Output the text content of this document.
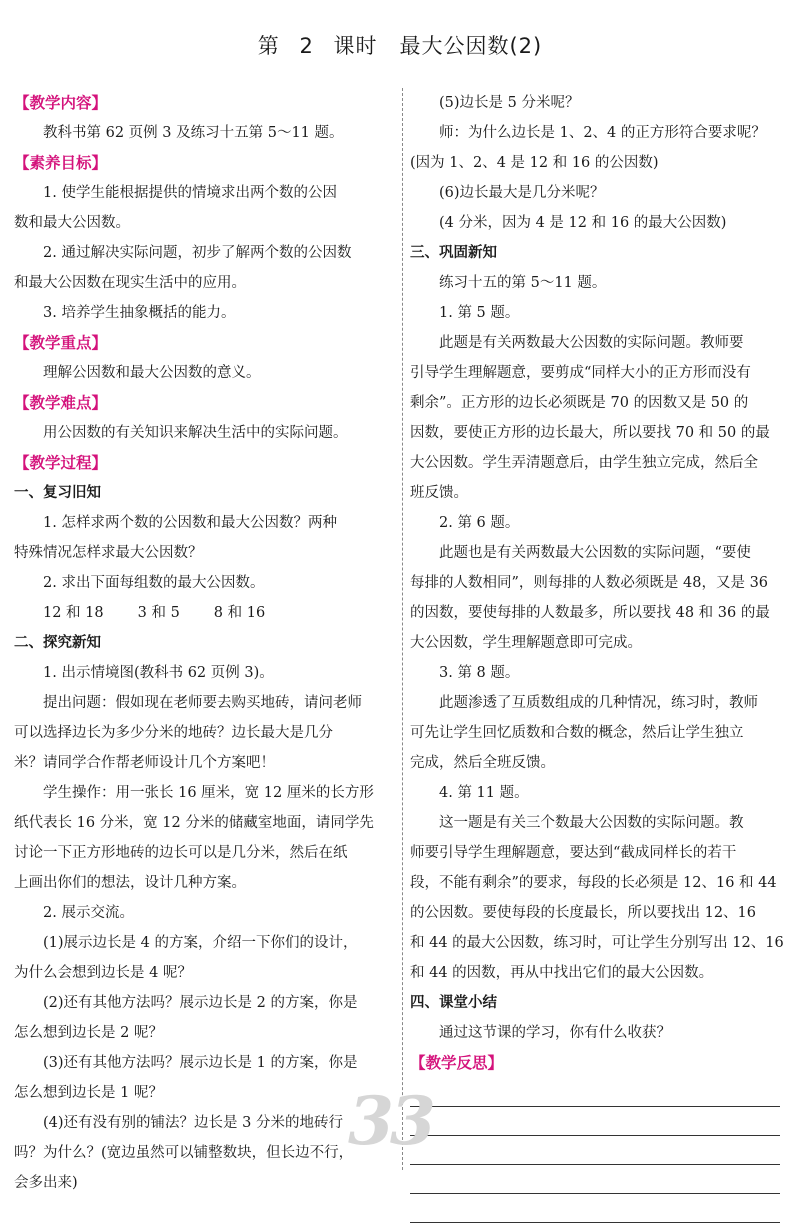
第 2 课时　最大公因数(2)
【教学内容】
教科书第 62 页例 3 及练习十五第 5～11 题。
【素养目标】
1. 使学生能根据提供的情境求出两个数的公因
数和最大公因数。
2. 通过解决实际问题，初步了解两个数的公因数
和最大公因数在现实生活中的应用。
3. 培养学生抽象概括的能力。
【教学重点】
理解公因数和最大公因数的意义。
【教学难点】
用公因数的有关知识来解决生活中的实际问题。
【教学过程】
一、复习旧知
1. 怎样求两个数的公因数和最大公因数？两种
特殊情况怎样求最大公因数？
2. 求出下面每组数的最大公因数。
12 和 18 3 和 5 8 和 16
二、探究新知
1. 出示情境图(教科书 62 页例 3)。
提出问题：假如现在老师要去购买地砖，请问老师
可以选择边长为多少分米的地砖？边长最大是几分
米？请同学合作帮老师设计几个方案吧！
学生操作：用一张长 16 厘米，宽 12 厘米的长方形
纸代表长 16 分米，宽 12 分米的储藏室地面，请同学先
讨论一下正方形地砖的边长可以是几分米，然后在纸
上画出你们的想法，设计几种方案。
2. 展示交流。
(1)展示边长是 4 的方案，介绍一下你们的设计，
为什么会想到边长是 4 呢？
(2)还有其他方法吗？展示边长是 2 的方案，你是
怎么想到边长是 2 呢？
(3)还有其他方法吗？展示边长是 1 的方案，你是
怎么想到边长是 1 呢？
(4)还有没有别的铺法？边长是 3 分米的地砖行
吗？为什么？(宽边虽然可以铺整数块，但长边不行，
会多出来)
(5)边长是 5 分米呢？
师：为什么边长是 1、2、4 的正方形符合要求呢？
(因为 1、2、4 是 12 和 16 的公因数)
(6)边长最大是几分米呢？
(4 分米，因为 4 是 12 和 16 的最大公因数)
三、巩固新知
练习十五的第 5～11 题。
1. 第 5 题。
此题是有关两数最大公因数的实际问题。教师要
引导学生理解题意，要剪成“同样大小的正方形而没有
剩余”。正方形的边长必须既是 70 的因数又是 50 的
因数，要使正方形的边长最大，所以要找 70 和 50 的最
大公因数。学生弄清题意后，由学生独立完成，然后全
班反馈。
2. 第 6 题。
此题也是有关两数最大公因数的实际问题，“要使
每排的人数相同”，则每排的人数必须既是 48，又是 36
的因数，要使每排的人数最多，所以要找 48 和 36 的最
大公因数，学生理解题意即可完成。
3. 第 8 题。
此题渗透了互质数组成的几种情况，练习时，教师
可先让学生回忆质数和合数的概念，然后让学生独立
完成，然后全班反馈。
4. 第 11 题。
这一题是有关三个数最大公因数的实际问题。教
师要引导学生理解题意，要达到“截成同样长的若干
段，不能有剩余”的要求，每段的长必须是 12、16 和 44
的公因数。要使每段的长度最长，所以要找出 12、16
和 44 的最大公因数，练习时，可让学生分别写出 12、16
和 44 的因数，再从中找出它们的最大公因数。
四、课堂小结
通过这节课的学习，你有什么收获？
【教学反思】
33
